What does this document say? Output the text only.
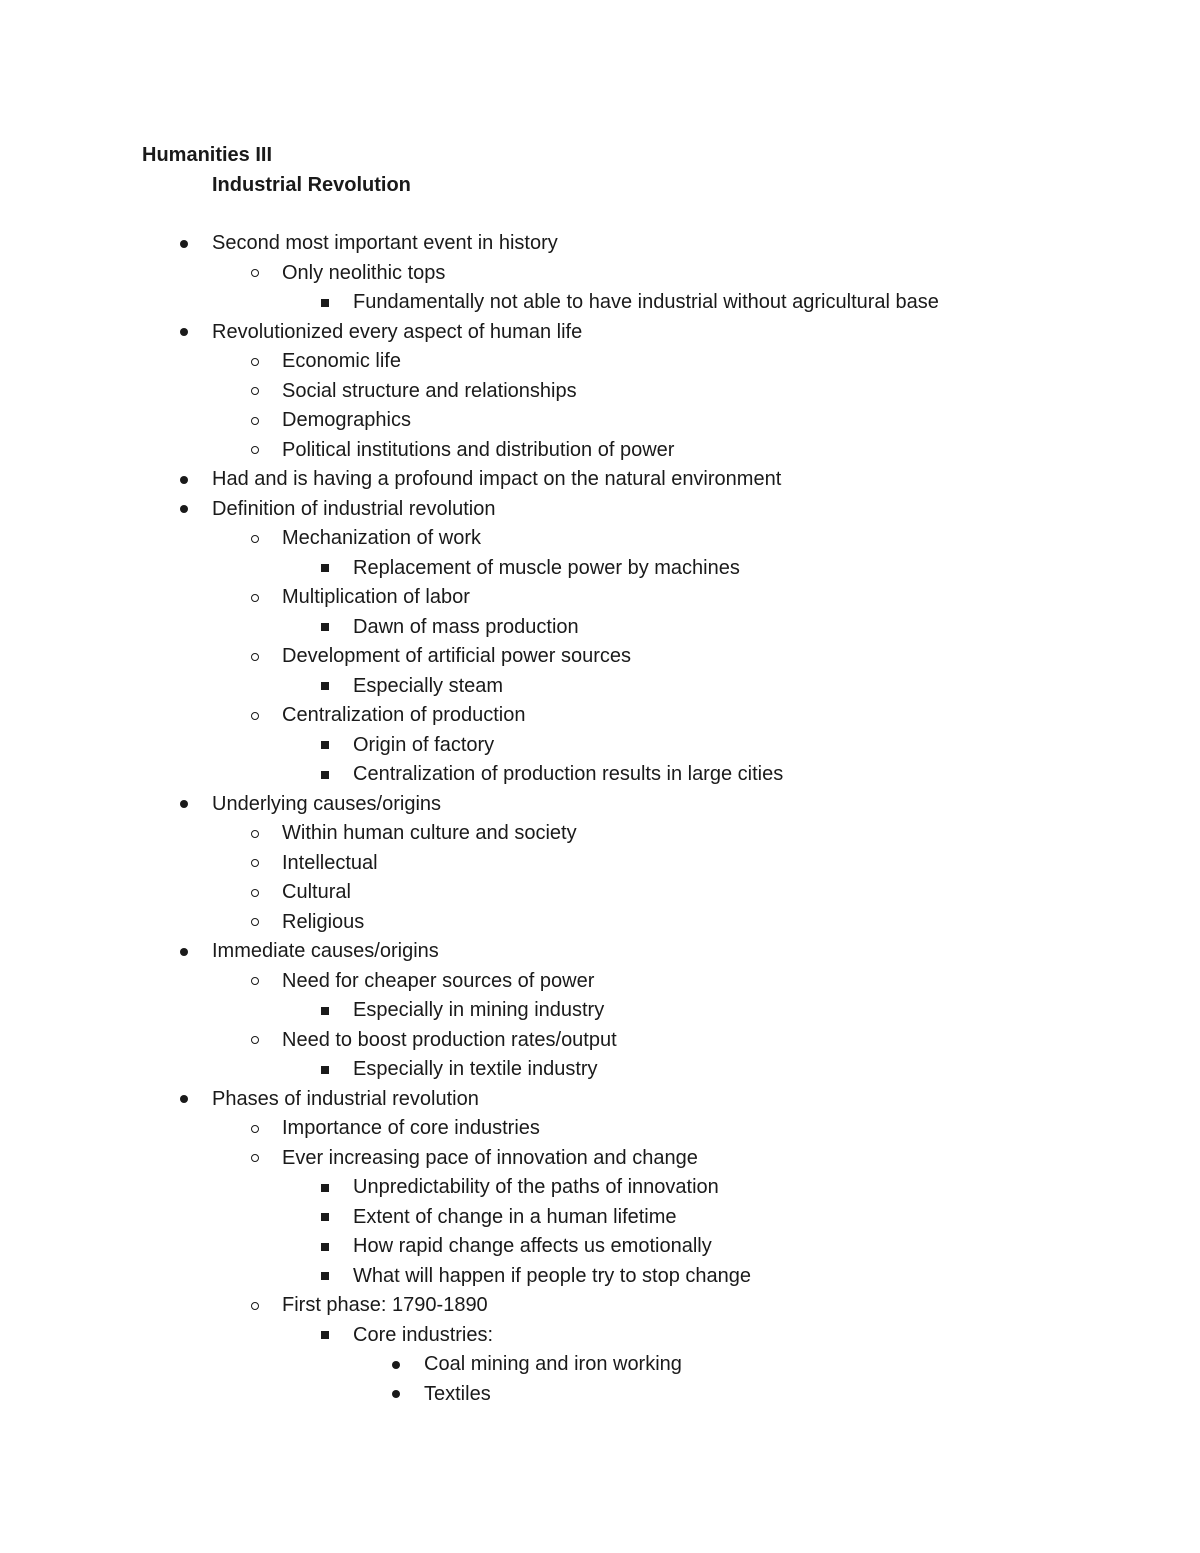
Humanities III
Industrial Revolution
Second most important event in history
Only neolithic tops
Fundamentally not able to have industrial without agricultural base
Revolutionized every aspect of human life
Economic life
Social structure and relationships
Demographics
Political institutions and distribution of power
Had and is having a profound impact on the natural environment
Definition of industrial revolution
Mechanization of work
Replacement of muscle power by machines
Multiplication of labor
Dawn of mass production
Development of artificial power sources
Especially steam
Centralization of production
Origin of factory
Centralization of production results in large cities
Underlying causes/origins
Within human culture and society
Intellectual
Cultural
Religious
Immediate causes/origins
Need for cheaper sources of power
Especially in mining industry
Need to boost production rates/output
Especially in textile industry
Phases of industrial revolution
Importance of core industries
Ever increasing pace of innovation and change
Unpredictability of the paths of innovation
Extent of change in a human lifetime
How rapid change affects us emotionally
What will happen if people try to stop change
First phase: 1790-1890
Core industries:
Coal mining and iron working
Textiles
